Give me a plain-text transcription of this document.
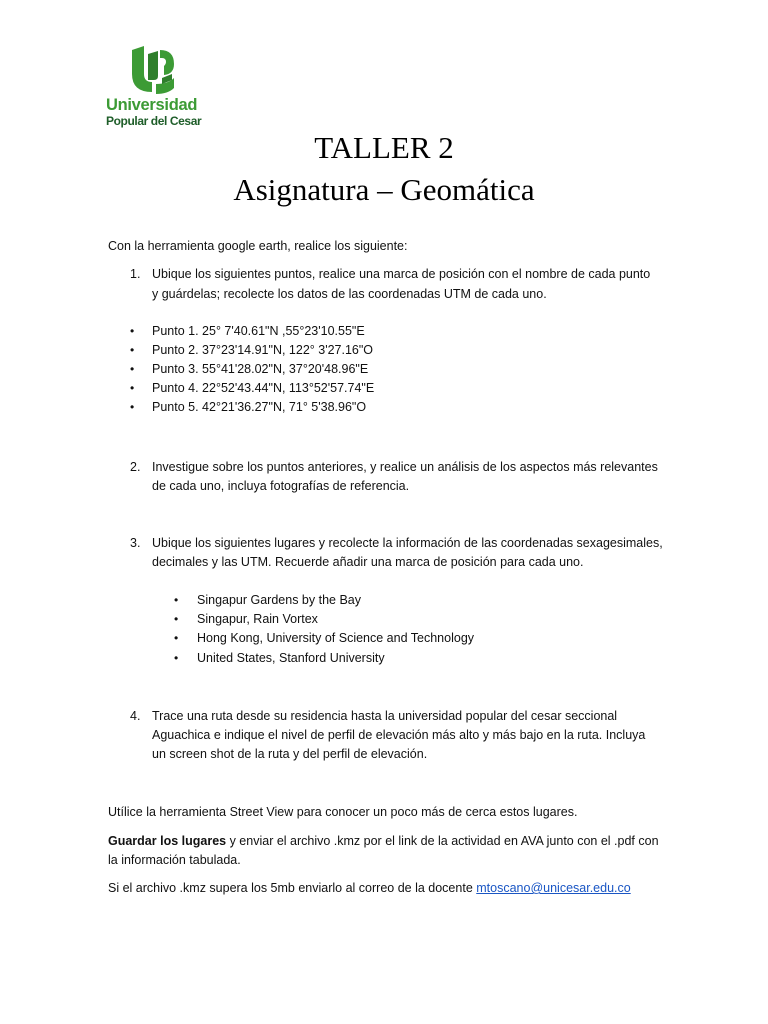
Universidad
Popular del Cesar
TALLER 2
Asignatura – Geomática
Con la herramienta google earth, realice los siguiente:
1. Ubique los siguientes puntos, realice una marca de posición con el nombre de cada punto
y guárdelas; recolecte los datos de las coordenadas UTM de cada uno.
• Punto 1. 25° 7'40.61"N ,55°23'10.55"E
• Punto 2. 37°23'14.91"N, 122° 3'27.16"O
• Punto 3. 55°41'28.02"N, 37°20'48.96"E
• Punto 4. 22°52'43.44"N, 113°52'57.74"E
• Punto 5. 42°21'36.27"N, 71° 5'38.96"O
2. Investigue sobre los puntos anteriores, y realice un análisis de los aspectos más relevantes
de cada uno, incluya fotografías de referencia.
3. Ubique los siguientes lugares y recolecte la información de las coordenadas sexagesimales,
decimales y las UTM. Recuerde añadir una marca de posición para cada uno.
• Singapur Gardens by the Bay
• Singapur, Rain Vortex
• Hong Kong, University of Science and Technology
• United States, Stanford University
4. Trace una ruta desde su residencia hasta la universidad popular del cesar seccional
Aguachica e indique el nivel de perfil de elevación más alto y más bajo en la ruta. Incluya
un screen shot de la ruta y del perfil de elevación.
Utílice la herramienta Street View para conocer un poco más de cerca estos lugares.
Guardar los lugares y enviar el archivo .kmz por el link de la actividad en AVA junto con el .pdf con
la información tabulada.
Si el archivo .kmz supera los 5mb enviarlo al correo de la docente mtoscano@unicesar.edu.co
